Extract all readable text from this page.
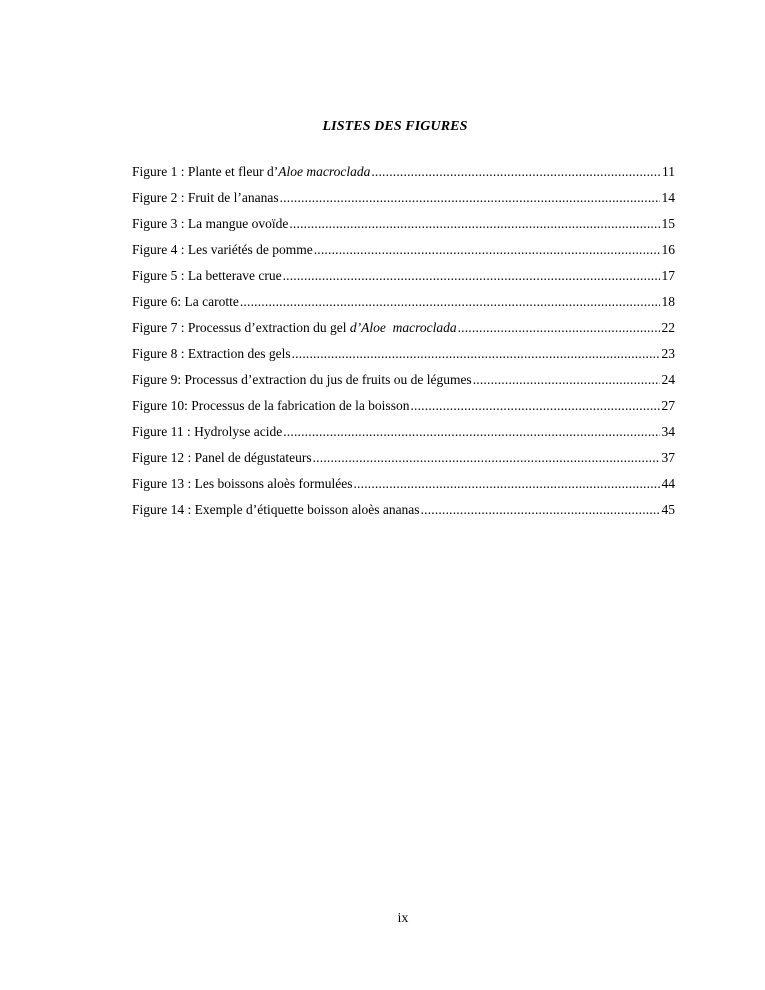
LISTES DES FIGURES
Figure 1 : Plante et fleur d’Aloe macroclada .....	11
Figure 2 : Fruit de l’ananas .....	14
Figure 3 : La mangue ovoïde .....	15
Figure 4 : Les variétés de pomme .....	16
Figure 5 : La betterave crue .....	17
Figure 6: La carotte .....	18
Figure 7 : Processus d’extraction du gel d’Aloe  macroclada .....	22
Figure 8 : Extraction des gels .....	23
Figure 9: Processus d’extraction du jus de fruits ou de légumes .....	24
Figure 10: Processus de la fabrication de la boisson .....	27
Figure 11 : Hydrolyse acide .....	34
Figure 12 : Panel de dégustateurs .....	37
Figure 13 : Les boissons aloès formulées .....	44
Figure 14 : Exemple d’étiquette boisson aloès ananas .....	45
ix
